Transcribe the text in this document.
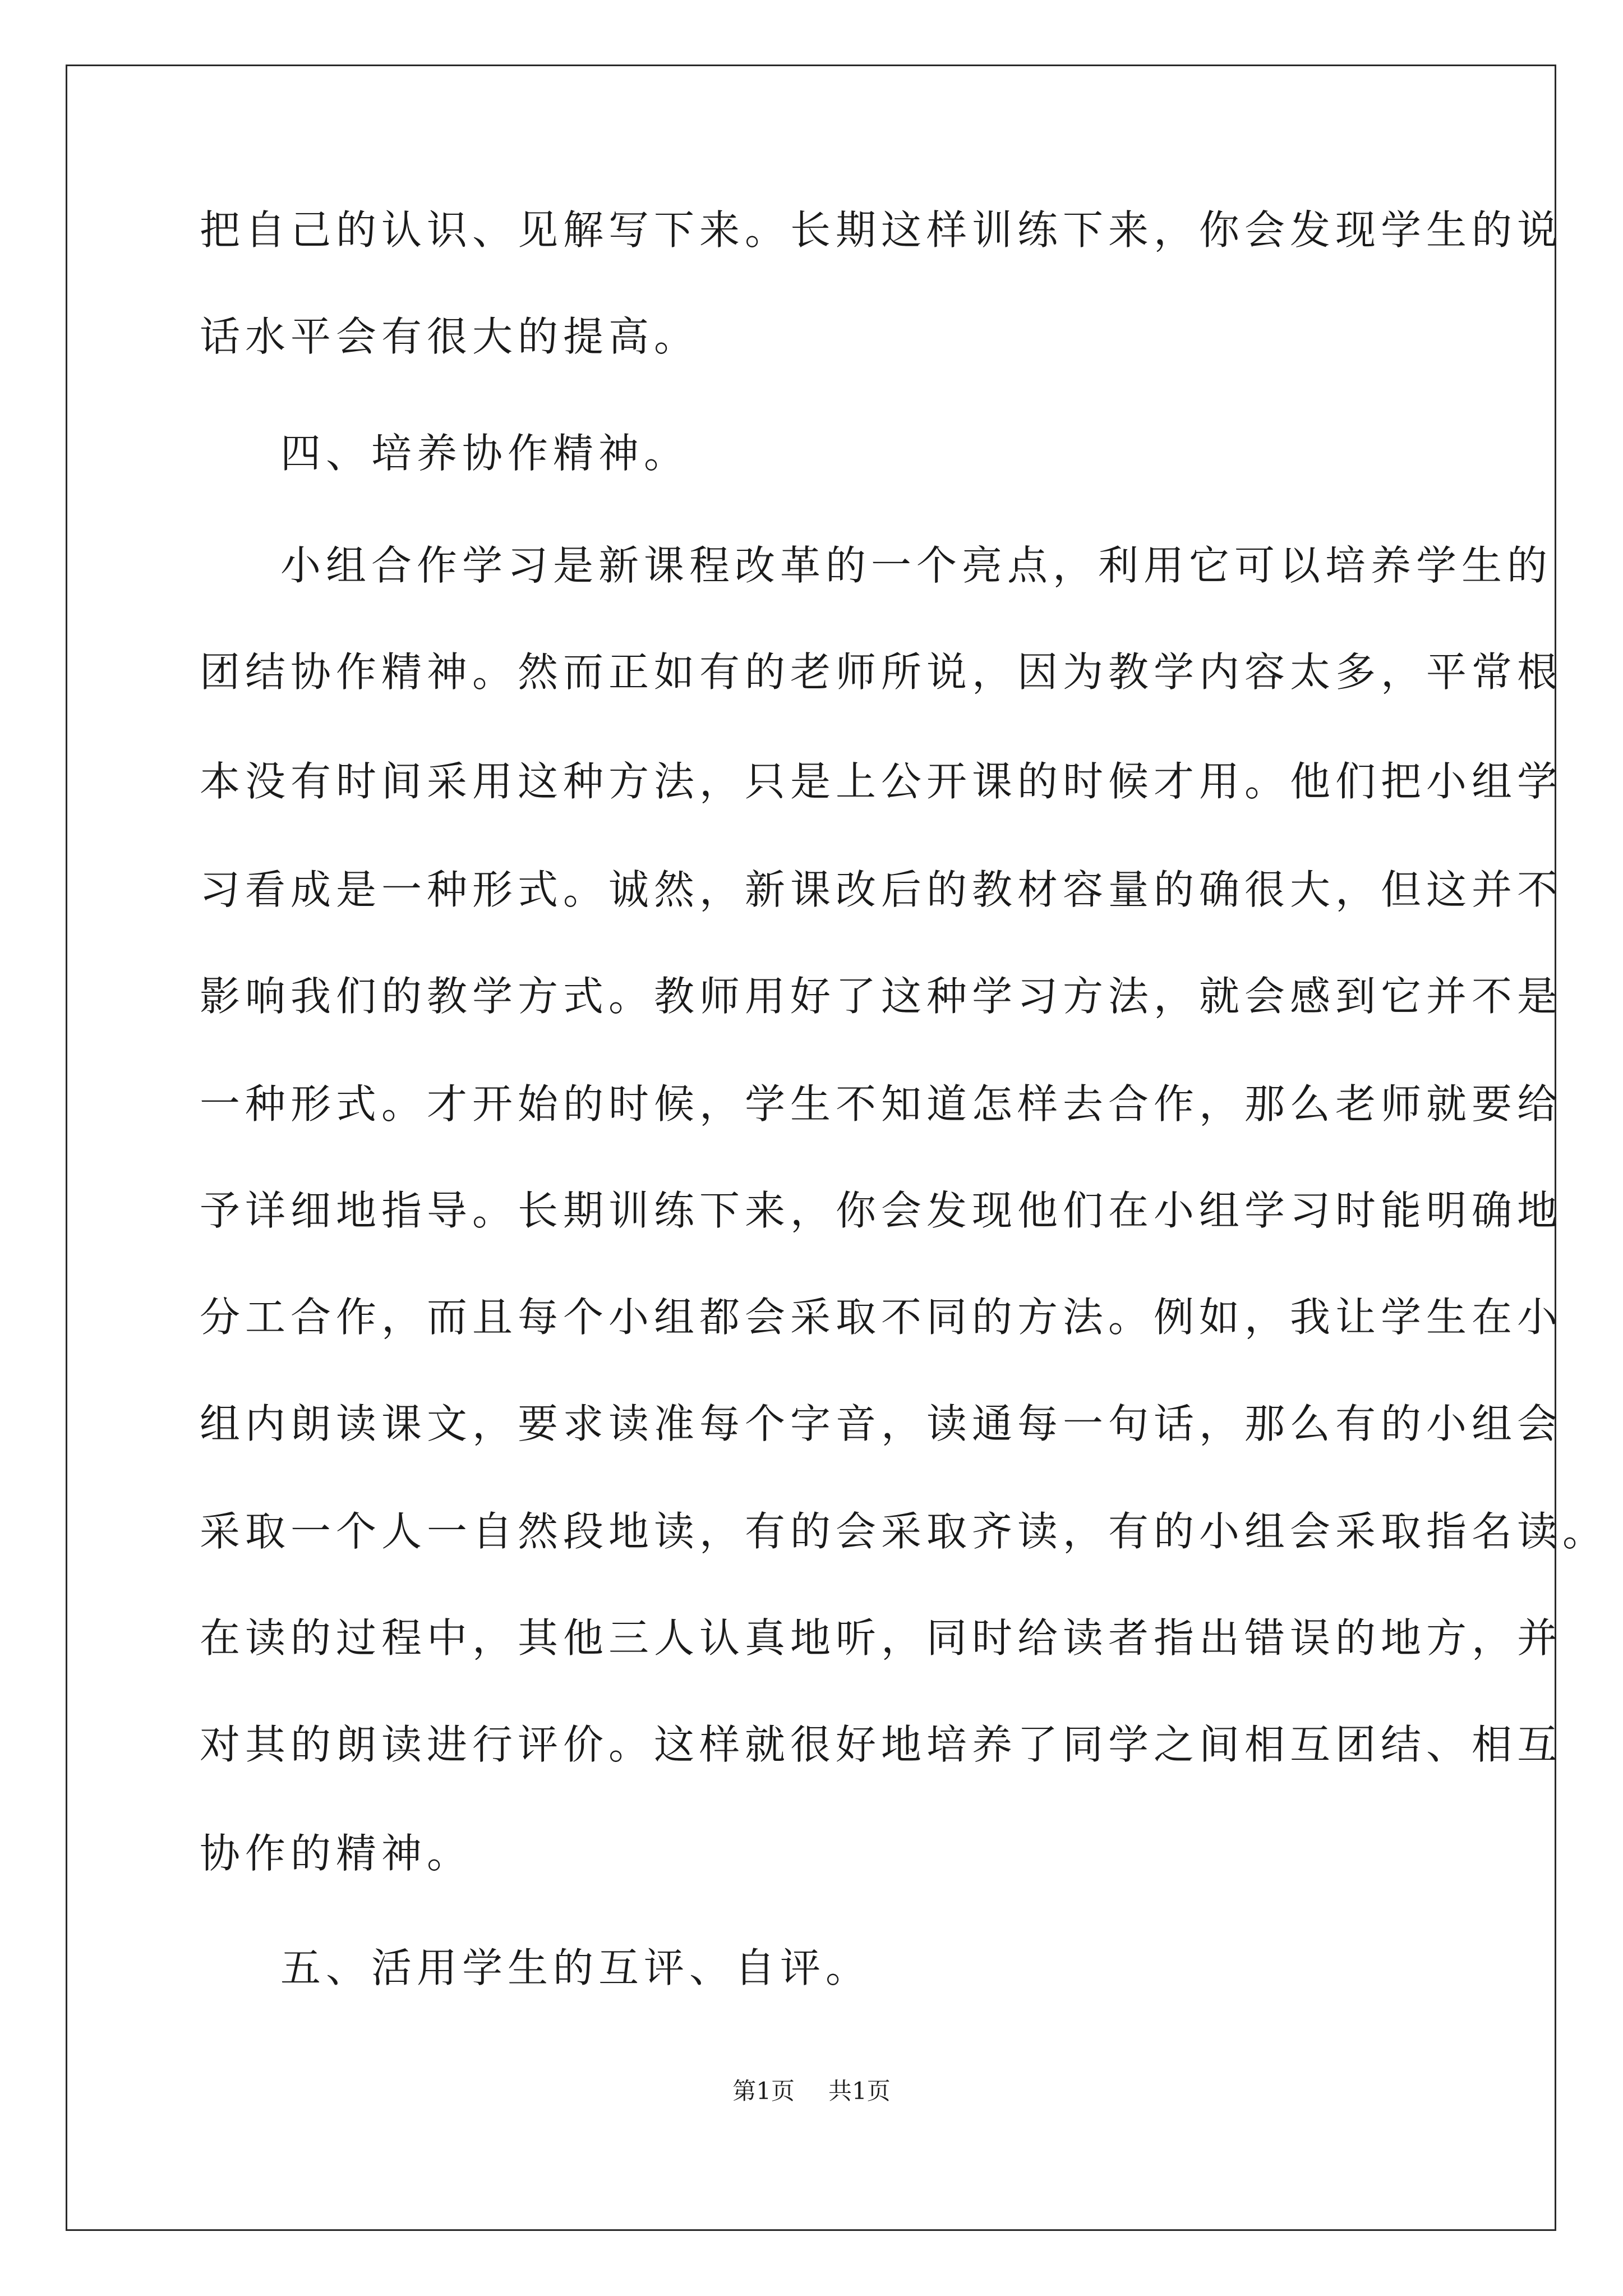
把自己的认识、见解写下来。长期这样训练下来，你会发现学生的说
话水平会有很大的提高。
四、培养协作精神。
小组合作学习是新课程改革的一个亮点，利用它可以培养学生的
团结协作精神。然而正如有的老师所说，因为教学内容太多，平常根
本没有时间采用这种方法，只是上公开课的时候才用。他们把小组学
习看成是一种形式。诚然，新课改后的教材容量的确很大，但这并不
影响我们的教学方式。教师用好了这种学习方法，就会感到它并不是
一种形式。才开始的时候，学生不知道怎样去合作，那么老师就要给
予详细地指导。长期训练下来，你会发现他们在小组学习时能明确地
分工合作，而且每个小组都会采取不同的方法。例如，我让学生在小
组内朗读课文，要求读准每个字音，读通每一句话，那么有的小组会
采取一个人一自然段地读，有的会采取齐读，有的小组会采取指名读。
在读的过程中，其他三人认真地听，同时给读者指出错误的地方，并
对其的朗读进行评价。这样就很好地培养了同学之间相互团结、相互
协作的精神。
五、活用学生的互评、自评。
第1页 共1页
